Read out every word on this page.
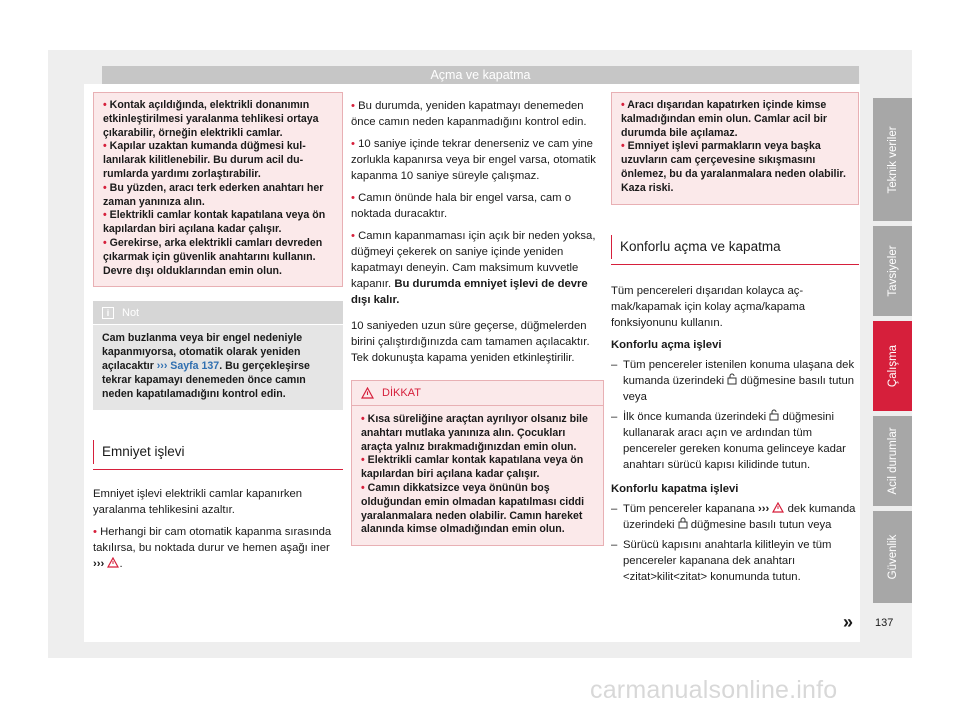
Açma ve kapatma

• Kontak açıldığında, elektrikli donanımın etkinleştirilmesi yaralanma tehlikesi ortaya çıkarabilir, örneğin elektrikli camlar.

• Kapılar uzaktan kumanda düğmesi kullanılarak kilitlenebilir. Bu durum acil durumlarda yardımı zorlaştırabilir.

• Bu yüzden, aracı terk ederken anahtarı her zaman yanınıza alın.

• Elektrikli camlar kontak kapatılana veya ön kapılardan biri açılana kadar çalışır.

• Gerekirse, arka elektrikli camları devreden çıkarmak için güvenlik anahtarını kullanın. Devre dışı olduklarından emin olun.

i	Not

Cam buzlanma veya bir engel nedeniyle kapanmıyorsa, otomatik olarak yeniden açılacaktır ››› Sayfa 137. Bu gerçekleşirse tekrar kapamayı denemeden önce camın neden kapatılamadığını kontrol edin.

Emniyet işlevi

Emniyet işlevi elektrikli camlar kapanırken yaralanma tehlikesini azaltır.

• Herhangi bir cam otomatik kapanma sırasında takılırsa, bu noktada durur ve hemen aşağı iner ››› .

• Bu durumda, yeniden kapatmayı denemeden önce camın neden kapanmadığını kontrol edin.

• 10 saniye içinde tekrar denerseniz ve cam yine zorlukla kapanırsa veya bir engel varsa, otomatik kapanma 10 saniye süreyle çalışmaz.

• Camın önünde hala bir engel varsa, cam o noktada duracaktır.

• Camın kapanmaması için açık bir neden yoksa, düğmeyi çekerek on saniye içinde yeniden kapatmayı deneyin. Cam maksimum kuvvetle kapanır. Bu durumda emniyet işlevi de devre dışı kalır.

10 saniyeden uzun süre geçerse, düğmelerden birini çalıştırdığınızda cam tamamen açılacaktır. Tek dokunuşta kapama yeniden etkinleştirilir.

DİKKAT

• Kısa süreliğine araçtan ayrılıyor olsanız bile anahtarı mutlaka yanınıza alın. Çocukları araçta yalnız bırakmadığınızdan emin olun.

• Elektrikli camlar kontak kapatılana veya ön kapılardan biri açılana kadar çalışır.

• Camın dikkatsizce veya önünün boş olduğundan emin olmadan kapatılması ciddi yaralanmalara neden olabilir. Camın hareket alanında kimse olmadığından emin olun.

• Aracı dışarıdan kapatırken içinde kimse kalmadığından emin olun. Camlar acil bir durumda bile açılamaz.

• Emniyet işlevi parmakların veya başka uzuvların cam çerçevesine sıkışmasını önlemez, bu da yaralanmalara neden olabilir. Kaza riski.

Konforlu açma ve kapatma

Tüm pencereleri dışarıdan kolayca açmak/kapamak için kolay açma/kapama fonksiyonunu kullanın.

Konforlu açma işlevi
– Tüm pencereler istenilen konuma ulaşana dek kumanda üzerindeki  düğmesine basılı tutun veya
– İlk önce kumanda üzerindeki  düğmesini kullanarak aracı açın ve ardından tüm pencereler gereken konuma gelinceye kadar anahtarı sürücü kapısı kilidinde tutun.
Konforlu kapatma işlevi
– Tüm pencereler kapanana ›››  dek kumanda üzerindeki  düğmesine basılı tutun veya
– Sürücü kapısını anahtarla kilitleyin ve tüm pencereler kapanana dek anahtarı <zitat>kilit<zitat> konumunda tutun.
Teknik veriler
Tavsiyeler
Çalışma
Acil durumlar
Güvenlik
» 137
carmanualsonline.info
